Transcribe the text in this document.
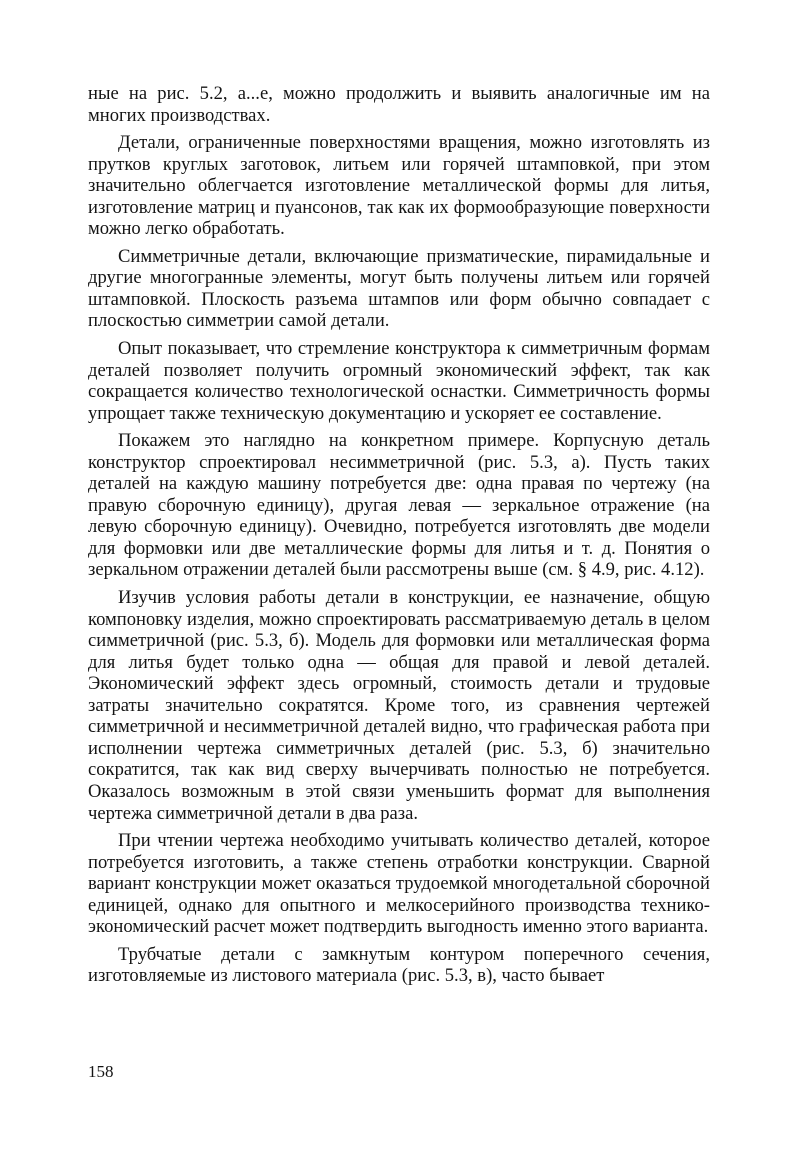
ные на рис. 5.2, а...е, можно продолжить и выявить аналогичные им на многих производствах.

Детали, ограниченные поверхностями вращения, можно изготовлять из прутков круглых заготовок, литьем или горячей штамповкой, при этом значительно облегчается изготовление металлической формы для литья, изготовление матриц и пуансонов, так как их формообразующие поверхности можно легко обработать.

Симметричные детали, включающие призматические, пирамидальные и другие многогранные элементы, могут быть получены литьем или горячей штамповкой. Плоскость разъема штампов или форм обычно совпадает с плоскостью симметрии самой детали.

Опыт показывает, что стремление конструктора к симметричным формам деталей позволяет получить огромный экономический эффект, так как сокращается количество технологической оснастки. Симметричность формы упрощает также техническую документацию и ускоряет ее составление.

Покажем это наглядно на конкретном примере. Корпусную деталь конструктор спроектировал несимметричной (рис. 5.3, а). Пусть таких деталей на каждую машину потребуется две: одна правая по чертежу (на правую сборочную единицу), другая левая — зеркальное отражение (на левую сборочную единицу). Очевидно, потребуется изготовлять две модели для формовки или две металлические формы для литья и т. д. Понятия о зеркальном отражении деталей были рассмотрены выше (см. § 4.9, рис. 4.12).

Изучив условия работы детали в конструкции, ее назначение, общую компоновку изделия, можно спроектировать рассматриваемую деталь в целом симметричной (рис. 5.3, б). Модель для формовки или металлическая форма для литья будет только одна — общая для правой и левой деталей. Экономический эффект здесь огромный, стоимость детали и трудовые затраты значительно сократятся. Кроме того, из сравнения чертежей симметричной и несимметричной деталей видно, что графическая работа при исполнении чертежа симметричных деталей (рис. 5.3, б) значительно сократится, так как вид сверху вычерчивать полностью не потребуется. Оказалось возможным в этой связи уменьшить формат для выполнения чертежа симметричной детали в два раза.

При чтении чертежа необходимо учитывать количество деталей, которое потребуется изготовить, а также степень отработки конструкции. Сварной вариант конструкции может оказаться трудоемкой многодетальной сборочной единицей, однако для опытного и мелкосерийного производства технико-экономический расчет может подтвердить выгодность именно этого варианта.

Трубчатые детали с замкнутым контуром поперечного сечения, изготовляемые из листового материала (рис. 5.3, в), часто бывает

158
